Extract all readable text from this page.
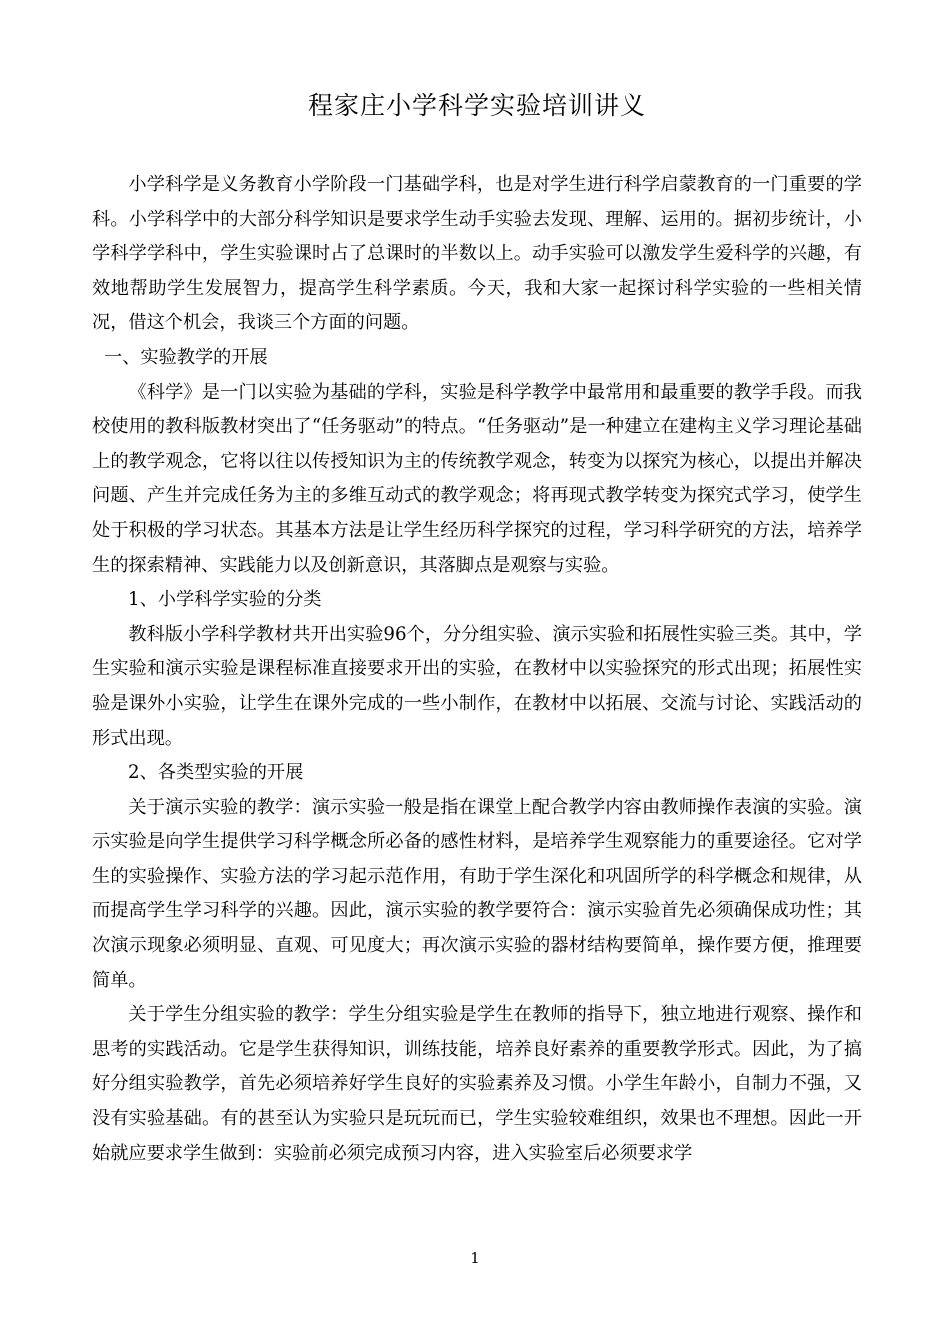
程家庄小学科学实验培训讲义

小学科学是义务教育小学阶段一门基础学科，也是对学生进行科学启蒙教育的一门重要的学科。小学科学中的大部分科学知识是要求学生动手实验去发现、理解、运用的。据初步统计，小学科学学科中，学生实验课时占了总课时的半数以上。动手实验可以激发学生爱科学的兴趣，有效地帮助学生发展智力，提高学生科学素质。今天，我和大家一起探讨科学实验的一些相关情况，借这个机会，我谈三个方面的问题。

一、实验教学的开展

《科学》是一门以实验为基础的学科，实验是科学教学中最常用和最重要的教学手段。而我校使用的教科版教材突出了“任务驱动”的特点。“任务驱动”是一种建立在建构主义学习理论基础上的教学观念，它将以往以传授知识为主的传统教学观念，转变为以探究为核心，以提出并解决问题、产生并完成任务为主的多维互动式的教学观念；将再现式教学转变为探究式学习，使学生处于积极的学习状态。其基本方法是让学生经历科学探究的过程，学习科学研究的方法，培养学生的探索精神、实践能力以及创新意识，其落脚点是观察与实验。

1、小学科学实验的分类

教科版小学科学教材共开出实验96个，分分组实验、演示实验和拓展性实验三类。其中，学生实验和演示实验是课程标准直接要求开出的实验，在教材中以实验探究的形式出现；拓展性实验是课外小实验，让学生在课外完成的一些小制作，在教材中以拓展、交流与讨论、实践活动的形式出现。

2、各类型实验的开展

关于演示实验的教学：演示实验一般是指在课堂上配合教学内容由教师操作表演的实验。演示实验是向学生提供学习科学概念所必备的感性材料，是培养学生观察能力的重要途径。它对学生的实验操作、实验方法的学习起示范作用，有助于学生深化和巩固所学的科学概念和规律，从而提高学生学习科学的兴趣。因此，演示实验的教学要符合：演示实验首先必须确保成功性；其次演示现象必须明显、直观、可见度大；再次演示实验的器材结构要简单，操作要方便，推理要简单。

关于学生分组实验的教学：学生分组实验是学生在教师的指导下，独立地进行观察、操作和思考的实践活动。它是学生获得知识，训练技能，培养良好素养的重要教学形式。因此，为了搞好分组实验教学，首先必须培养好学生良好的实验素养及习惯。小学生年龄小，自制力不强，又没有实验基础。有的甚至认为实验只是玩玩而已，学生实验较难组织，效果也不理想。因此一开始就应要求学生做到：实验前必须完成预习内容，进入实验室后必须要求学

1
